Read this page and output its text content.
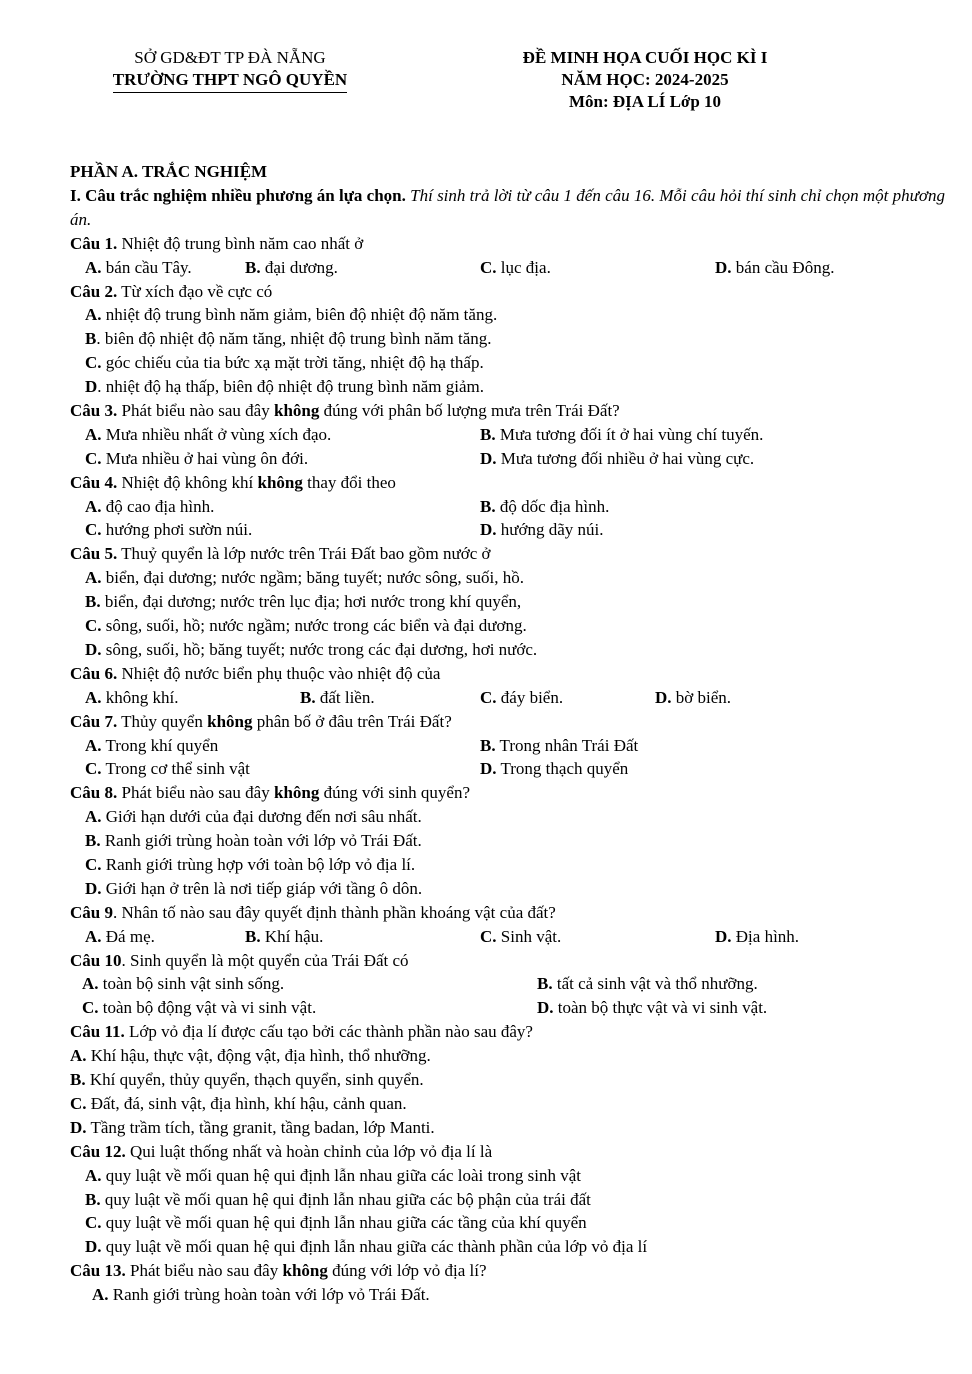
SỞ GD&ĐT TP ĐÀ NẴNG
TRƯỜNG THPT NGÔ QUYỀN
ĐỀ MINH HỌA CUỐI HỌC KÌ I
NĂM HỌC: 2024-2025
Môn: ĐỊA LÍ Lớp 10
PHẦN A. TRẮC NGHIỆM
I. Câu trắc nghiệm nhiều phương án lựa chọn. Thí sinh trả lời từ câu 1 đến câu 16. Mỗi câu hỏi thí sinh chỉ chọn một phương án.
Câu 1. Nhiệt độ trung bình năm cao nhất ở
A. bán cầu Tây.	B. đại dương.	C. lục địa.	D. bán cầu Đông.
Câu 2. Từ xích đạo về cực có
A. nhiệt độ trung bình năm giảm, biên độ nhiệt độ năm tăng.
B. biên độ nhiệt độ năm tăng, nhiệt độ trung bình năm tăng.
C. góc chiếu của tia bức xạ mặt trời tăng, nhiệt độ hạ thấp.
D. nhiệt độ hạ thấp, biên độ nhiệt độ trung bình năm giảm.
Câu 3. Phát biểu nào sau đây không đúng với phân bố lượng mưa trên Trái Đất?
A. Mưa nhiều nhất ở vùng xích đạo.	B. Mưa tương đối ít ở hai vùng chí tuyến.
C. Mưa nhiều ở hai vùng ôn đới.	D. Mưa tương đối nhiều ở hai vùng cực.
Câu 4. Nhiệt độ không khí không thay đổi theo
A. độ cao địa hình.	B. độ dốc địa hình.
C. hướng phơi sườn núi.	D. hướng dãy núi.
Câu 5. Thuỷ quyển là lớp nước trên Trái Đất bao gồm nước ở
A. biển, đại dương; nước ngầm; băng tuyết; nước sông, suối, hồ.
B. biển, đại dương; nước trên lục địa; hơi nước trong khí quyển,
C. sông, suối, hồ; nước ngầm; nước trong các biển và đại dương.
D. sông, suối, hồ; băng tuyết; nước trong các đại dương, hơi nước.
Câu 6. Nhiệt độ nước biển phụ thuộc vào nhiệt độ của
A. không khí.	B. đất liền.	C. đáy biển.	D. bờ biển.
Câu 7. Thủy quyển không phân bố ở đâu trên Trái Đất?
A. Trong khí quyển	B. Trong nhân Trái Đất
C. Trong cơ thể sinh vật	D. Trong thạch quyển
Câu 8. Phát biểu nào sau đây không đúng với sinh quyển?
A. Giới hạn dưới của đại dương đến nơi sâu nhất.
B. Ranh giới trùng hoàn toàn với lớp vỏ Trái Đất.
C. Ranh giới trùng hợp với toàn bộ lớp vỏ địa lí.
D. Giới hạn ở trên là nơi tiếp giáp với tầng ô dôn.
Câu 9. Nhân tố nào sau đây quyết định thành phần khoáng vật của đất?
A. Đá mẹ.	B. Khí hậu.	C. Sinh vật.	D. Địa hình.
Câu 10. Sinh quyển là một quyển của Trái Đất có
A. toàn bộ sinh vật sinh sống.	B. tất cả sinh vật và thổ nhưỡng.
C. toàn bộ động vật và vi sinh vật.	D. toàn bộ thực vật và vi sinh vật.
Câu 11. Lớp vỏ địa lí được cấu tạo bởi các thành phần nào sau đây?
A. Khí hậu, thực vật, động vật, địa hình, thổ nhưỡng.
B. Khí quyển, thủy quyển, thạch quyển, sinh quyển.
C. Đất, đá, sinh vật, địa hình, khí hậu, cảnh quan.
D. Tầng trầm tích, tầng granit, tầng badan, lớp Manti.
Câu 12. Qui luật thống nhất và hoàn chỉnh của lớp vỏ địa lí là
A. quy luật về mối quan hệ qui định lẫn nhau giữa các loài trong sinh vật
B. quy luật về mối quan hệ qui định lẫn nhau giữa các bộ phận của trái đất
C. quy luật về mối quan hệ qui định lẫn nhau giữa các tầng của khí quyển
D. quy luật về mối quan hệ qui định lẫn nhau giữa các thành phần của lớp vỏ địa lí
Câu 13. Phát biểu nào sau đây không đúng với lớp vỏ địa lí?
A. Ranh giới trùng hoàn toàn với lớp vỏ Trái Đất.
